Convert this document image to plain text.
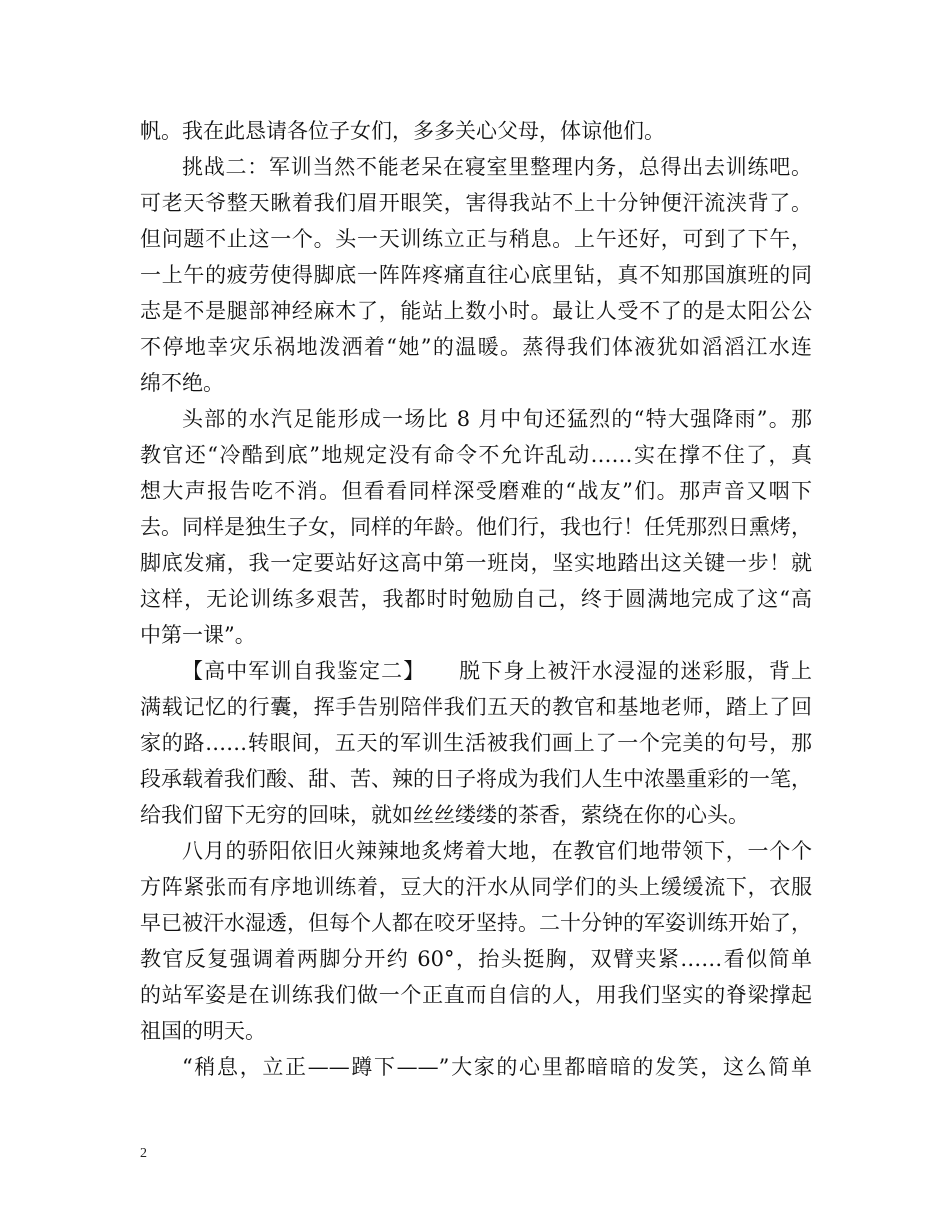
帆。我在此恳请各位子女们，多多关心父母，体谅他们。
挑战二：军训当然不能老呆在寝室里整理内务，总得出去训练吧。
可老天爷整天瞅着我们眉开眼笑，害得我站不上十分钟便汗流浃背了。
但问题不止这一个。头一天训练立正与稍息。上午还好，可到了下午，
一上午的疲劳使得脚底一阵阵疼痛直往心底里钻，真不知那国旗班的同
志是不是腿部神经麻木了，能站上数小时。最让人受不了的是太阳公公
不停地幸灾乐祸地泼洒着“她”的温暖。蒸得我们体液犹如滔滔江水连
绵不绝。
头部的水汽足能形成一场比 8 月中旬还猛烈的“特大强降雨”。那
教官还“冷酷到底”地规定没有命令不允许乱动……实在撑不住了，真
想大声报告吃不消。但看看同样深受磨难的“战友”们。那声音又咽下
去。同样是独生子女，同样的年龄。他们行，我也行！任凭那烈日熏烤，
脚底发痛，我一定要站好这高中第一班岗，坚实地踏出这关键一步！就
这样，无论训练多艰苦，我都时时勉励自己，终于圆满地完成了这“高
中第一课”。
【高中军训自我鉴定二】　　脱下身上被汗水浸湿的迷彩服，背上
满载记忆的行囊，挥手告别陪伴我们五天的教官和基地老师，踏上了回
家的路……转眼间，五天的军训生活被我们画上了一个完美的句号，那
段承载着我们酸、甜、苦、辣的日子将成为我们人生中浓墨重彩的一笔，
给我们留下无穷的回味，就如丝丝缕缕的茶香，萦绕在你的心头。
八月的骄阳依旧火辣辣地炙烤着大地，在教官们地带领下，一个个
方阵紧张而有序地训练着，豆大的汗水从同学们的头上缓缓流下，衣服
早已被汗水湿透，但每个人都在咬牙坚持。二十分钟的军姿训练开始了，
教官反复强调着两脚分开约 60°，抬头挺胸，双臂夹紧……看似简单
的站军姿是在训练我们做一个正直而自信的人，用我们坚实的脊梁撑起
祖国的明天。
“稍息，立正——蹲下——”大家的心里都暗暗的发笑，这么简单
2
